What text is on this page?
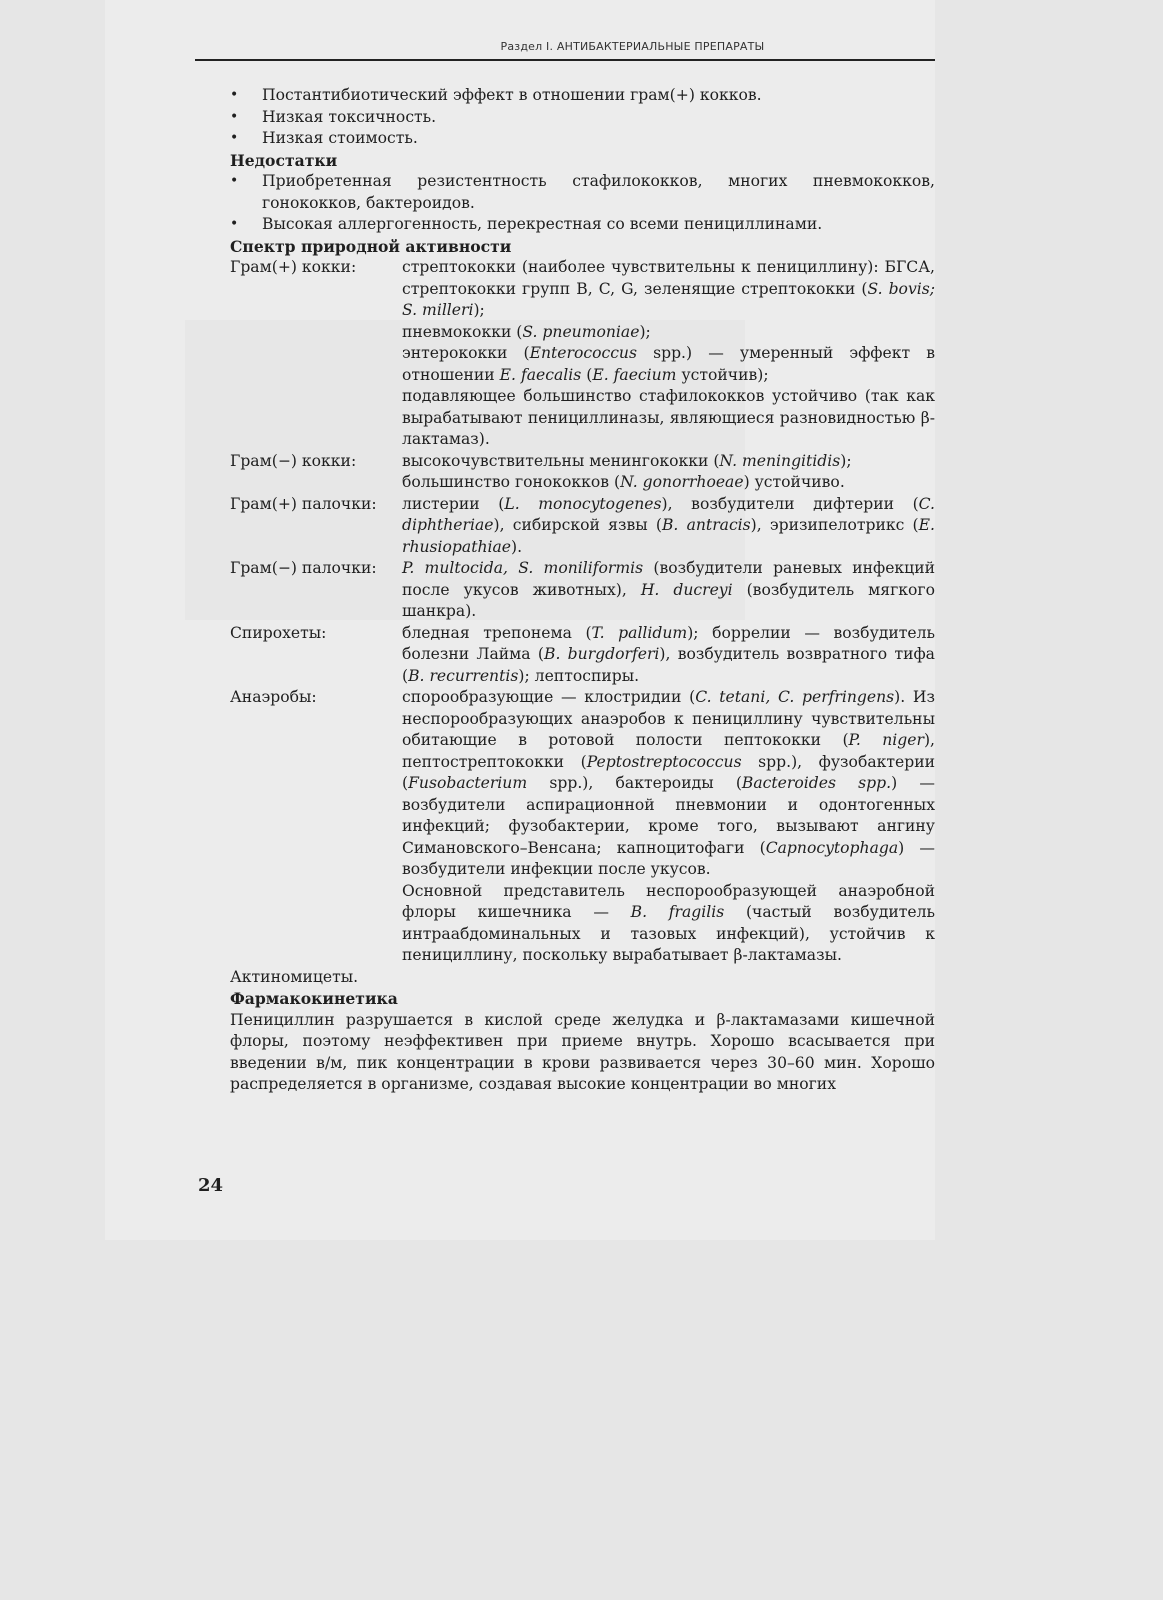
Раздел I. АНТИБАКТЕРИАЛЬНЫЕ ПРЕПАРАТЫ
• Постантибиотический эффект в отношении грам(+) кокков.
• Низкая токсичность.
• Низкая стоимость.

Недостатки

• Приобретенная резистентность стафилококков, многих пневмококков, гонококков, бактероидов.
• Высокая аллергогенность, перекрестная со всеми пенициллинами.

Спектр природной активности

Грам(+) кокки:	стрептококки (наиболее чувствительны к пенициллину): БГСА, стрептококки групп B, C, G, зеленящие стрептококки (S. bovis; S. milleri);

пневмококки (S. pneumoniae);

энтерококки (Enterococcus spp.) — умеренный эффект в отношении E. faecalis (E. faecium устойчив);

подавляющее большинство стафилококков устойчиво (так как вырабатывают пенициллиназы, являющиеся разновидностью β-лактамаз).

Грам(−) кокки:	высокочувствительны менингококки (N. meningitidis);

большинство гонококков (N. gonorrhoeae) устойчиво.

Грам(+) палочки:	листерии (L. monocytogenes), возбудители дифтерии (C. diphtheriae), сибирской язвы (B. antracis), эризипелотрикс (E. rhusiopathiae).

Грам(−) палочки:	P. multocida, S. moniliformis (возбудители раневых инфекций после укусов животных), H. ducreyi (возбудитель мягкого шанкра).

Спирохеты:	бледная трепонема (T. pallidum); боррелии — возбудитель болезни Лайма (B. burgdorferi), возбудитель возвратного тифа (B. recurrentis); лептоспиры.

Анаэробы:	спорообразующие — клостридии (C. tetani, C. perfringens). Из неспорообразующих анаэробов к пенициллину чувствительны обитающие в ротовой полости пептококки (P. niger), пептострептококки (Peptostreptococcus spp.), фузобактерии (Fusobacterium spp.), бактероиды (Bacteroides spp.) — возбудители аспирационной пневмонии и одонтогенных инфекций; фузобактерии, кроме того, вызывают ангину Симановского–Венсана; капноцитофаги (Capnocytophaga) — возбудители инфекции после укусов.

Основной представитель неспорообразующей анаэробной флоры кишечника — B. fragilis (частый возбудитель интраабдоминальных и тазовых инфекций), устойчив к пенициллину, поскольку вырабатывает β-лактамазы.

Актиномицеты.

Фармакокинетика

Пенициллин разрушается в кислой среде желудка и β-лактамазами кишечной флоры, поэтому неэффективен при приеме внутрь. Хорошо всасывается при введении в/м, пик концентрации в крови развивается через 30–60 мин. Хорошо распределяется в организме, создавая высокие концентрации во многих

24
